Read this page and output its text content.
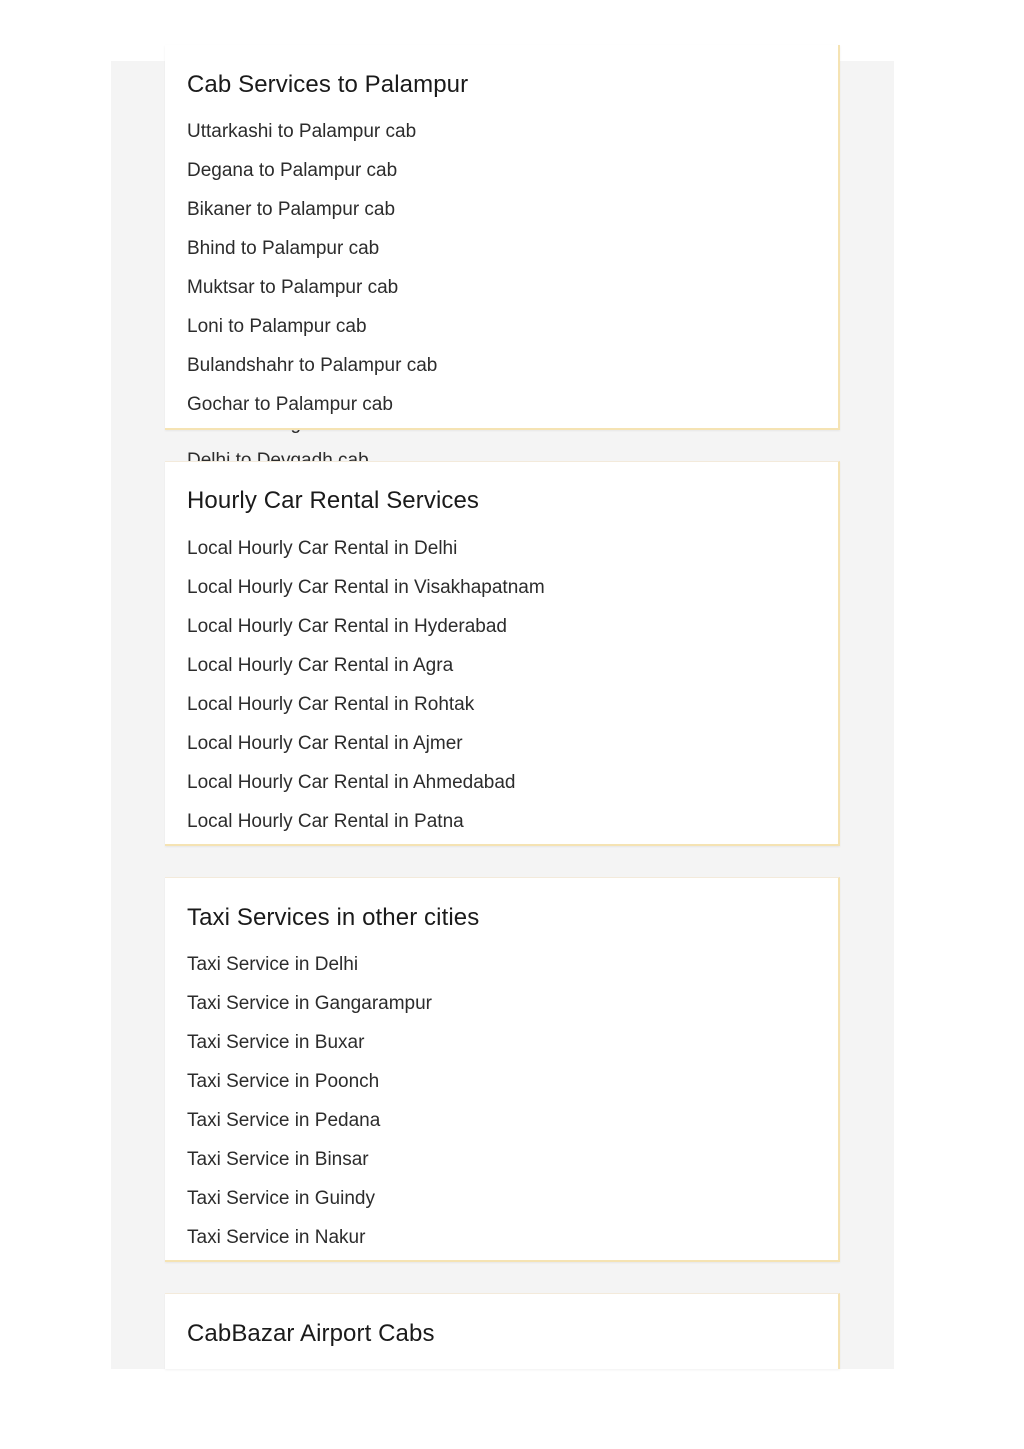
Cab Services to Palampur
Uttarkashi to Palampur cab
Degana to Palampur cab
Bikaner to Palampur cab
Bhind to Palampur cab
Muktsar to Palampur cab
Loni to Palampur cab
Bulandshahr to Palampur cab
Gochar to Palampur cab
Hourly Car Rental Services
Local Hourly Car Rental in Delhi
Local Hourly Car Rental in Visakhapatnam
Local Hourly Car Rental in Hyderabad
Local Hourly Car Rental in Agra
Local Hourly Car Rental in Rohtak
Local Hourly Car Rental in Ajmer
Local Hourly Car Rental in Ahmedabad
Local Hourly Car Rental in Patna
Taxi Services in other cities
Taxi Service in Delhi
Taxi Service in Gangarampur
Taxi Service in Buxar
Taxi Service in Poonch
Taxi Service in Pedana
Taxi Service in Binsar
Taxi Service in Guindy
Taxi Service in Nakur
CabBazar Airport Cabs
